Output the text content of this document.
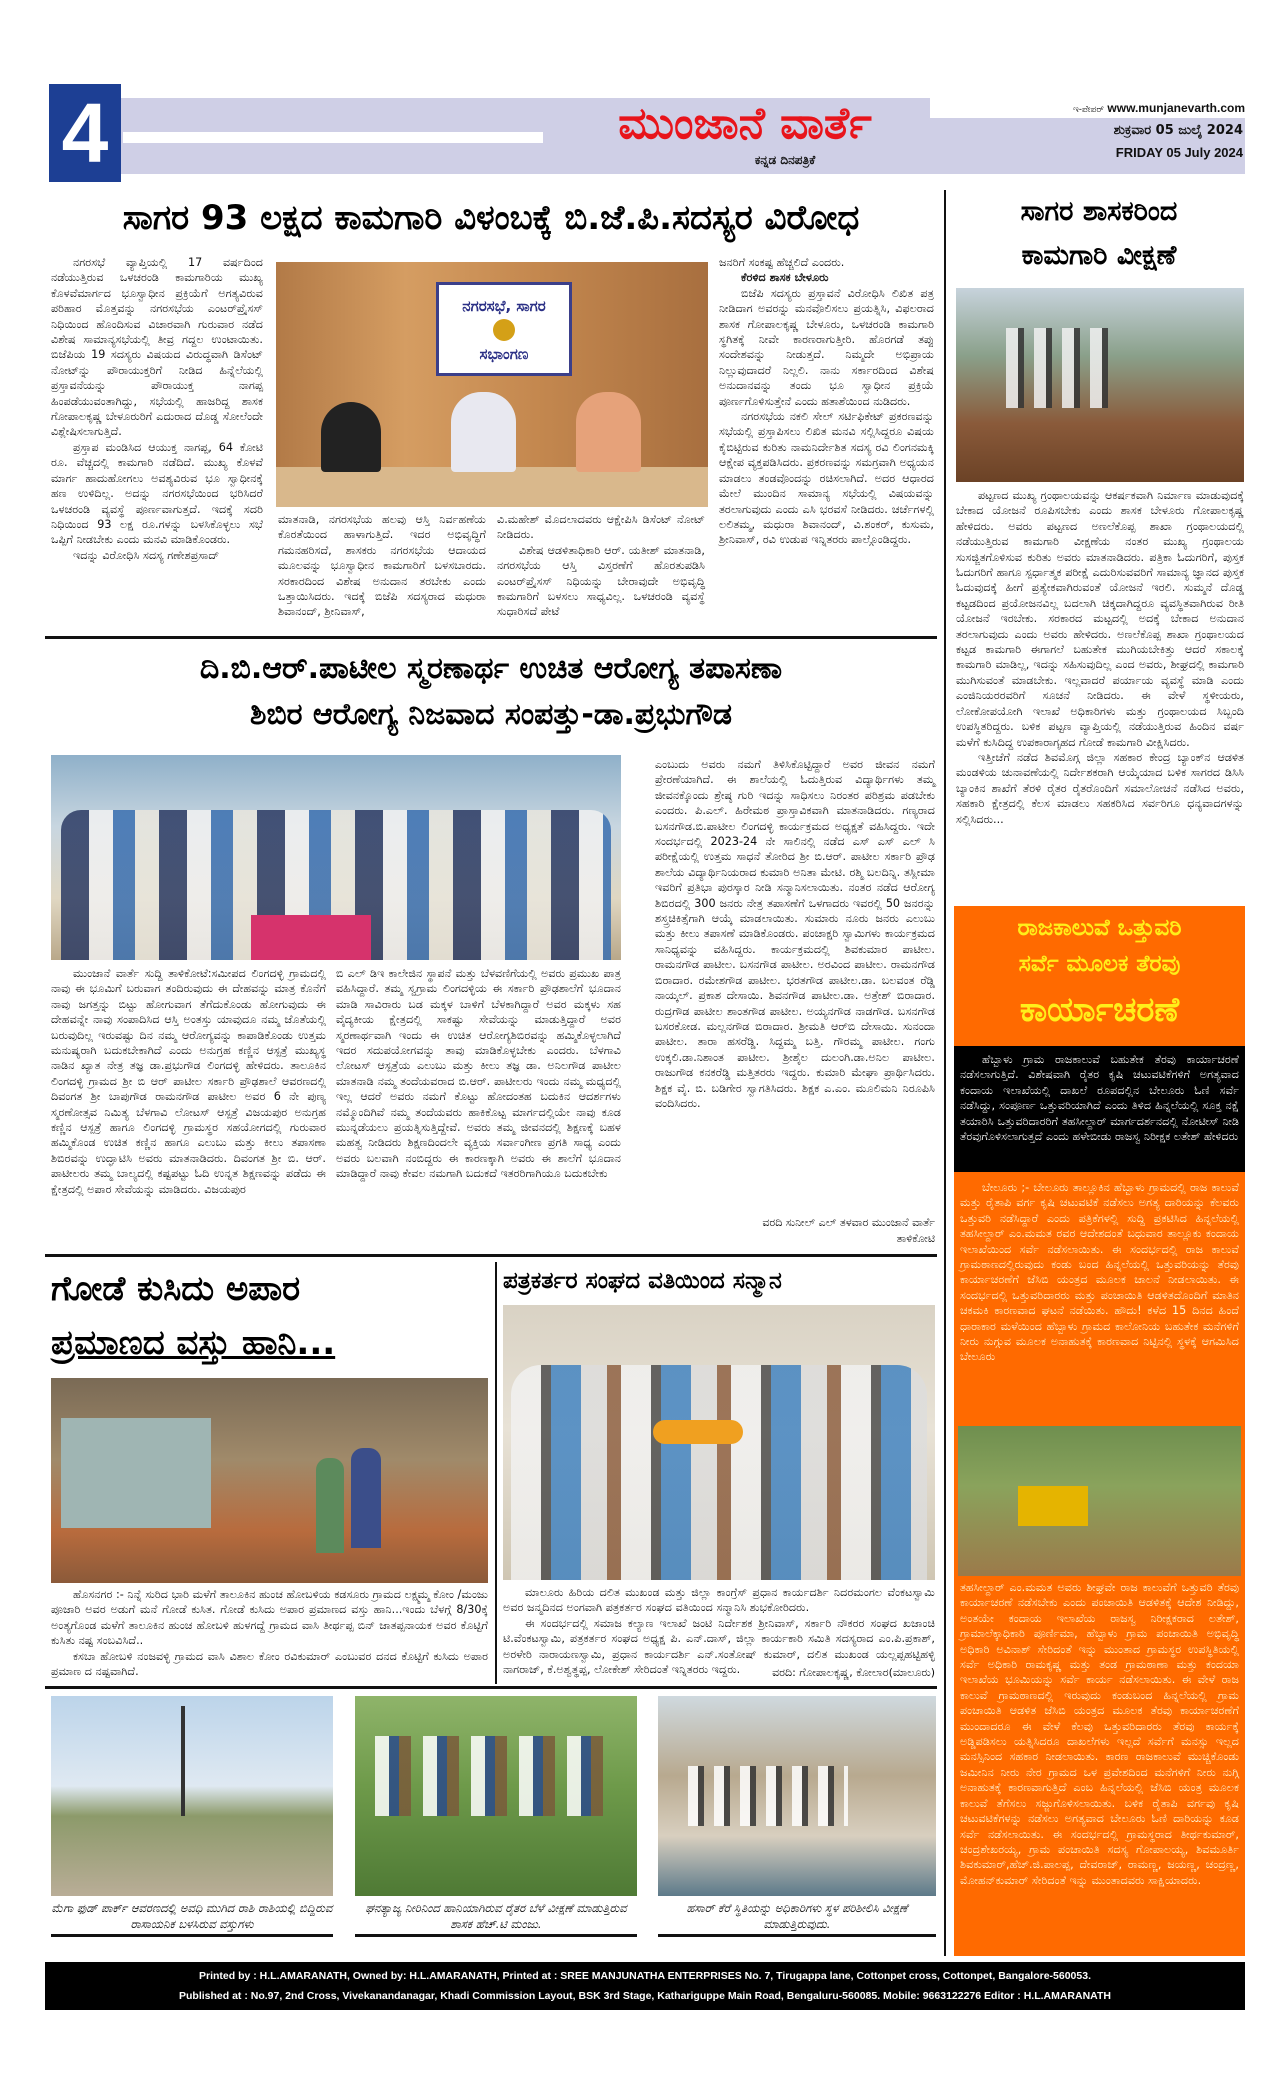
4	ಮುಂಜಾನೆ ವಾರ್ತೆ
ಕನ್ನಡ ದಿನಪತ್ರಿಕೆ
ಇ-ಪೇಪರ್ www.munjanevarth.com
ಶುಕ್ರವಾರ 05 ಜುಲೈ 2024
FRIDAY 05 July 2024
ಸಾಗರ 93 ಲಕ್ಷದ ಕಾಮಗಾರಿ ವಿಳಂಬಕ್ಕೆ ಬಿ.ಜೆ.ಪಿ.ಸದಸ್ಯರ ವಿರೋಧ

ನಗರಸಭೆ ವ್ಯಾಪ್ತಿಯಲ್ಲಿ 17 ವರ್ಷದಿಂದ ನಡೆಯುತ್ತಿರುವ ಒಳಚರಂಡಿ ಕಾಮಗಾರಿಯ ಮುಖ್ಯ ಕೊಳವೆಮಾರ್ಗದ ಭೂಸ್ವಾಧೀನ ಪ್ರಕ್ರಿಯೆಗೆ ಅಗತ್ಯವಿರುವ ಪರಿಹಾರ ಮೊತ್ತವನ್ನು ನಗರಸಭೆಯ ಎಂಟರ್‌ಪ್ರೈಸಸ್ ನಿಧಿಯಿಂದ ಹೊಂದಿಸುವ ವಿಚಾರವಾಗಿ ಗುರುವಾರ ನಡೆದ ವಿಶೇಷ ಸಾಮಾನ್ಯಸಭೆಯಲ್ಲಿ ತೀವ್ರ ಗದ್ದಲ ಉಂಟಾಯಿತು. ಬಿಜೆಪಿಯ 19 ಸದಸ್ಯರು ವಿಷಯದ ವಿರುದ್ಧವಾಗಿ ಡಿಸೆಂಟ್ ನೋಟ್‌ನ್ನು ಪೌರಾಯುಕ್ತರಿಗೆ ನೀಡಿದ ಹಿನ್ನೆಲೆಯಲ್ಲಿ ಪ್ರಸ್ತಾವನೆಯನ್ನು ಪೌರಾಯುಕ್ತ ನಾಗಪ್ಪ ಹಿಂಪಡೆಯುವಂತಾಗಿದ್ದು, ಸಭೆಯಲ್ಲಿ ಹಾಜರಿದ್ದ ಶಾಸಕ ಗೋಪಾಲಕೃಷ್ಣ ಬೇಳೂರುರಿಗೆ ಎದುರಾದ ದೊಡ್ಡ ಸೋಲೆಂದೇ ವಿಶ್ಲೇಷಿಸಲಾಗುತ್ತಿದೆ.

ಪ್ರಸ್ತಾಪ ಮಂಡಿಸಿದ ಆಯುಕ್ತ ನಾಗಪ್ಪ, 64 ಕೋಟಿ ರೂ. ವೆಚ್ಚದಲ್ಲಿ ಕಾಮಗಾರಿ ನಡೆದಿದೆ. ಮುಖ್ಯ ಕೊಳವೆ ಮಾರ್ಗ ಹಾದುಹೋಗಲು ಅವಶ್ಯವಿರುವ ಭೂ ಸ್ವಾಧೀನಕ್ಕೆ ಹಣ ಉಳಿದಿಲ್ಲ. ಅದನ್ನು ನಗರಸಭೆಯಿಂದ ಭರಿಸಿದರೆ ಒಳಚರಂಡಿ ವ್ಯವಸ್ಥೆ ಪೂರ್ಣವಾಗುತ್ತದೆ. ಇದಕ್ಕೆ ಸದರಿ ನಿಧಿಯಿಂದ 93 ಲಕ್ಷ ರೂ.ಗಳನ್ನು ಬಳಸಿಕೊಳ್ಳಲು ಸಭೆ ಒಪ್ಪಿಗೆ ನೀಡಬೇಕು ಎಂದು ಮನವಿ ಮಾಡಿಕೊಂಡರು.

ಇದನ್ನು ವಿರೋಧಿಸಿ ಸದಸ್ಯ ಗಣೇಶಪ್ರಸಾದ್

ನಗರಸಭೆ, ಸಾಗರ
ಸಭಾಂಗಣ

ಮಾತನಾಡಿ, ನಗರಸಭೆಯ ಹಲವು ಆಸ್ತಿ ನಿರ್ವಹಣೆಯ ಕೊರತೆಯಿಂದ ಹಾಳಾಗುತ್ತಿದೆ. ಇದರ ಅಭಿವೃದ್ಧಿಗೆ ಗಮನಹರಿಸದೆ, ಶಾಸಕರು ನಗರಸಭೆಯ ಆದಾಯದ ಮೂಲವನ್ನು ಭೂಸ್ವಾಧೀನ ಕಾಮಗಾರಿಗೆ ಬಳಸಬಾರದು. ಸರಕಾರದಿಂದ ವಿಶೇಷ ಅನುದಾನ ತರಬೇಕು ಎಂದು ಒತ್ತಾಯಿಸಿದರು. ಇದಕ್ಕೆ ಬಿಜೆಪಿ ಸದಸ್ಯರಾದ ಮಧುರಾ ಶಿವಾನಂದ್, ಶ್ರೀನಿವಾಸ್,

ವಿ.ಮಹೇಶ್ ಮೊದಲಾದವರು ಆಕ್ಷೇಪಿಸಿ ಡಿಸೆಂಟ್ ನೋಟ್ ನೀಡಿದರು.

ವಿಶೇಷ ಆಡಳಿತಾಧಿಕಾರಿ ಆರ್. ಯತೀಶ್ ಮಾತನಾಡಿ, ನಗರಸಭೆಯ ಆಸ್ತಿ ವಿಸ್ತರಣೆಗೆ ಹೊರತುಪಡಿಸಿ ಎಂಟರ್‌ಪ್ರೈಸಸ್ ನಿಧಿಯನ್ನು ಬೇರಾವುದೇ ಅಭಿವೃದ್ಧಿ ಕಾಮಗಾರಿಗೆ ಬಳಸಲು ಸಾಧ್ಯವಿಲ್ಲ. ಒಳಚರಂಡಿ ವ್ಯವಸ್ಥೆ ಸುಧಾರಿಸದೆ ಪೇಟೆ

ಜನರಿಗೆ ಸಂಕಷ್ಟ ಹೆಚ್ಚಲಿದೆ ಎಂದರು.

ಕೆರಳಿದ ಶಾಸಕ ಬೇಳೂರು

ಬಿಜೆಪಿ ಸದಸ್ಯರು ಪ್ರಸ್ತಾವನೆ ವಿರೋಧಿಸಿ ಲಿಖಿತ ಪತ್ರ ನೀಡಿದಾಗ ಅವರನ್ನು ಮನವೊಲಿಸಲು ಪ್ರಯತ್ನಿಸಿ, ವಿಫಲರಾದ ಶಾಸಕ ಗೋಪಾಲಕೃಷ್ಣ ಬೇಳೂರು, ಒಳಚರಂಡಿ ಕಾಮಗಾರಿ ಸ್ಥಗಿತಕ್ಕೆ ನೀವೇ ಕಾರಣರಾಗುತ್ತೀರಿ. ಹೊರಗಡೆ ತಪ್ಪು ಸಂದೇಶವನ್ನು ನೀಡುತ್ತದೆ. ನಿಮ್ಮದೇ ಅಭಿಪ್ರಾಯ ನಿಲ್ಲುವುದಾದರೆ ನಿಲ್ಲಲಿ. ನಾನು ಸರ್ಕಾರದಿಂದ ವಿಶೇಷ ಅನುದಾನವನ್ನು ತಂದು ಭೂ ಸ್ವಾಧೀನ ಪ್ರಕ್ರಿಯೆ ಪೂರ್ಣಗೊಳಿಸುತ್ತೇನೆ ಎಂದು ಹತಾಶೆಯಿಂದ ನುಡಿದರು.

ನಗರಸಭೆಯ ನಕಲಿ ಸೇಲ್ ಸರ್ಟಿಫಿಕೇಟ್ ಪ್ರಕರಣವನ್ನು ಸಭೆಯಲ್ಲಿ ಪ್ರಸ್ತಾಪಿಸಲು ಲಿಖಿತ ಮನವಿ ಸಲ್ಲಿಸಿದ್ದರೂ ವಿಷಯ ಕೈಬಿಟ್ಟಿರುವ ಕುರಿತು ನಾಮನಿರ್ದೇಶಿತ ಸದಸ್ಯ ರವಿ ಲಿಂಗನಮಕ್ಕಿ ಆಕ್ಷೇಪ ವ್ಯಕ್ತಪಡಿಸಿದರು. ಪ್ರಕರಣವನ್ನು ಸಮಗ್ರವಾಗಿ ಅಧ್ಯಯನ ಮಾಡಲು ತಂಡವೊಂದನ್ನು ರಚಿಸಲಾಗಿದೆ. ಅದರ ಆಧಾರದ ಮೇಲೆ ಮುಂದಿನ ಸಾಮಾನ್ಯ ಸಭೆಯಲ್ಲಿ ವಿಷಯವನ್ನು ತರಲಾಗುವುದು ಎಂದು ಎಸಿ ಭರವಸೆ ನೀಡಿದರು. ಚರ್ಚೆಗಳಲ್ಲಿ ಲಲಿತಮ್ಮ, ಮಧುರಾ ಶಿವಾನಂದ್, ವಿ.ಶಂಕರ್, ಕುಸುಮ, ಶ್ರೀನಿವಾಸ್, ರವಿ ಉಡುಪ ಇನ್ನಿತರರು ಪಾಲ್ಗೊಂಡಿದ್ದರು.

ದಿ.ಬಿ.ಆರ್.ಪಾಟೀಲ ಸ್ಮರಣಾರ್ಥ ಉಚಿತ ಆರೋಗ್ಯ ತಪಾಸಣಾ
ಶಿಬಿರ ಆರೋಗ್ಯ ನಿಜವಾದ ಸಂಪತ್ತು-ಡಾ.ಪ್ರಭುಗೌಡ

ಮುಂಜಾನೆ ವಾರ್ತೆ ಸುದ್ದಿ ತಾಳಿಕೋಟೆ:ಸಮೀಪದ ಲಿಂಗದಳ್ಳಿ ಗ್ರಾಮದಲ್ಲಿ ನಾವು ಈ ಭೂಮಿಗೆ ಬರುವಾಗ ತಂದಿರುವುದು ಈ ದೇಹವನ್ನು ಮಾತ್ರ ಕೊನೆಗೆ ನಾವು ಜಗತ್ತನ್ನು ಬಿಟ್ಟು ಹೋಗುವಾಗ ತೆಗೆದುಕೊಂಡು ಹೋಗುವುದು ಈ ದೇಹವನ್ನೇ ನಾವು ಸಂಪಾದಿಸಿದ ಆಸ್ತಿ ಅಂತಸ್ತು ಯಾವುದೂ ನಮ್ಮ ಜೊತೆಯಲ್ಲಿ ಬರುವುದಿಲ್ಲ ಇರುವಷ್ಟು ದಿನ ನಮ್ಮ ಆರೋಗ್ಯವನ್ನು ಕಾಪಾಡಿಕೊಂಡು ಉತ್ತಮ ಮನುಷ್ಯರಾಗಿ ಬದುಕಬೇಕಾಗಿದೆ ಎಂದು ಅನುಗ್ರಹ ಕಣ್ಣಿನ ಆಸ್ಪತ್ರೆ ಮುಖ್ಯಸ್ಥ ನಾಡಿನ ಖ್ಯಾತ ನೇತ್ರ ತಜ್ಞ ಡಾ.ಪ್ರಭುಗೌಡ ಲಿಂಗದಳ್ಳಿ ಹೇಳಿದರು. ತಾಲೂಕಿನ ಲಿಂಗದಳ್ಳಿ ಗ್ರಾಮದ ಶ್ರೀ ಬಿ ಆರ್ ಪಾಟೀಲ ಸರ್ಕಾರಿ ಪ್ರೌಢಶಾಲೆ ಆವರಣದಲ್ಲಿ ದಿವಂಗತ ಶ್ರೀ ಬಾಪುಗೌಡ ರಾಮನಗೌಡ ಪಾಟೀಲ ಅವರ 6 ನೇ ಪುಣ್ಯ ಸ್ಮರಣೋತ್ಸವ ನಿಮಿತ್ಯ ಬೆಳಗಾವಿ ಲೋಟಸ್ ಆಸ್ಪತ್ರೆ ವಿಜಯಪುರ ಅನುಗ್ರಹ ಕಣ್ಣಿನ ಆಸ್ಪತ್ರೆ ಹಾಗೂ ಲಿಂಗದಳ್ಳಿ ಗ್ರಾಮಸ್ಥರ ಸಹಯೋಗದಲ್ಲಿ ಗುರುವಾರ ಹಮ್ಮಿಕೊಂಡ ಉಚಿತ ಕಣ್ಣಿನ ಹಾಗೂ ಎಲುಬು ಮತ್ತು ಕೀಲು ತಪಾಸಣಾ ಶಿಬಿರವನ್ನು ಉದ್ಘಾಟಿಸಿ ಅವರು ಮಾತನಾಡಿದರು. ದಿವಂಗತ ಶ್ರೀ ಬಿ. ಆರ್. ಪಾಟೀಲರು ತಮ್ಮ ಬಾಲ್ಯದಲ್ಲಿ ಕಷ್ಟಪಟ್ಟು ಓದಿ ಉನ್ನತ ಶಿಕ್ಷಣವನ್ನು ಪಡೆದು ಈ ಕ್ಷೇತ್ರದಲ್ಲಿ ಅಪಾರ ಸೇವೆಯನ್ನು ಮಾಡಿದರು. ವಿಜಯಪುರ

ಬಿ ಎಲ್ ಡಿಇ ಕಾಲೇಜಿನ ಸ್ಥಾಪನೆ ಮತ್ತು ಬೆಳವಣಿಗೆಯಲ್ಲಿ ಅವರು ಪ್ರಮುಖ ಪಾತ್ರ ವಹಿಸಿದ್ದಾರೆ. ತಮ್ಮ ಸ್ವಗ್ರಾಮ ಲಿಂಗದಳ್ಳಿಯ ಈ ಸರ್ಕಾರಿ ಪ್ರೌಢಶಾಲೆಗೆ ಭೂದಾನ ಮಾಡಿ ಸಾವಿರಾರು ಬಡ ಮಕ್ಕಳ ಬಾಳಿಗೆ ಬೆಳಕಾಗಿದ್ದಾರೆ ಅವರ ಮಕ್ಕಳು ಸಹ ವೈದ್ಯಕೀಯ ಕ್ಷೇತ್ರದಲ್ಲಿ ಸಾಕಷ್ಟು ಸೇವೆಯನ್ನು ಮಾಡುತ್ತಿದ್ದಾರೆ ಅವರ ಸ್ಮರಣಾರ್ಥವಾಗಿ ಇಂದು ಈ ಉಚಿತ ಆರೋಗ್ಯಶಿಬಿರವನ್ನು ಹಮ್ಮಿಕೊಳ್ಳಲಾಗಿದೆ ಇದರ ಸದುಪಯೋಗವನ್ನು ತಾವು ಮಾಡಿಕೊಳ್ಳಬೇಕು ಎಂದರು. ಬೆಳಗಾವಿ ಲೋಟಸ್ ಆಸ್ಪತ್ರೆಯ ಎಲುಬು ಮತ್ತು ಕೀಲು ತಜ್ಞ ಡಾ. ಅನಿಲಗೌಡ ಪಾಟೀಲ ಮಾತನಾಡಿ ನಮ್ಮ ತಂದೆಯವರಾದ ಬಿ.ಆರ್. ಪಾಟೀಲರು ಇಂದು ನಮ್ಮ ಮಧ್ಯದಲ್ಲಿ ಇಲ್ಲ ಆದರೆ ಅವರು ನಮಗೆ ಕೊಟ್ಟು ಹೋದಂತಹ ಬದುಕಿನ ಆದರ್ಶಗಳು ನಮ್ಮೊಂದಿಗಿವೆ ನಮ್ಮ ತಂದೆಯವರು ಹಾಕಿಕೊಟ್ಟ ಮಾರ್ಗದಲ್ಲಿಯೇ ನಾವು ಕೂಡ ಮುನ್ನಡೆಯಲು ಪ್ರಯತ್ನಿಸುತ್ತಿದ್ದೇವೆ. ಅವರು ತಮ್ಮ ಜೀವನದಲ್ಲಿ ಶಿಕ್ಷಣಕ್ಕೆ ಬಹಳ ಮಹತ್ವ ನೀಡಿದರು ಶಿಕ್ಷಣದಿಂದಲೇ ವ್ಯಕ್ತಿಯ ಸರ್ವಾಂಗೀಣ ಪ್ರಗತಿ ಸಾಧ್ಯ ಎಂದು ಅವರು ಬಲವಾಗಿ ನಂಬಿದ್ದರು ಈ ಕಾರಣಕ್ಕಾಗಿ ಅವರು ಈ ಶಾಲೆಗೆ ಭೂದಾನ ಮಾಡಿದ್ದಾರೆ ನಾವು ಕೇವಲ ನಮಗಾಗಿ ಬದುಕದೆ ಇತರರಿಗಾಗಿಯೂ ಬದುಕಬೇಕು

ಎಂಬುದು ಅವರು ನಮಗೆ ತಿಳಿಸಿಕೊಟ್ಟಿದ್ದಾರೆ ಅವರ ಜೀವನ ನಮಗೆ ಪ್ರೇರಣೆಯಾಗಿದೆ. ಈ ಶಾಲೆಯಲ್ಲಿ ಓದುತ್ತಿರುವ ವಿದ್ಯಾರ್ಥಿಗಳು ತಮ್ಮ ಜೀವನಕ್ಕೊಂದು ಶ್ರೇಷ್ಠ ಗುರಿ ಇದನ್ನು ಸಾಧಿಸಲು ನಿರಂತರ ಪರಿಶ್ರಮ ಪಡಬೇಕು ಎಂದರು. ಪಿ.ಎಲ್. ಹಿರೇಮಠ ಪ್ರಾಸ್ತಾವಿಕವಾಗಿ ಮಾತನಾಡಿದರು. ಗಣ್ಯರಾದ ಬಸನಗೌಡ.ಬಿ.ಪಾಟೀಲ ಲಿಂಗದಳ್ಳಿ ಕಾರ್ಯಕ್ರಮದ ಅಧ್ಯಕ್ಷತೆ ವಹಿಸಿದ್ದರು. ಇದೇ ಸಂದರ್ಭದಲ್ಲಿ 2023-24 ನೇ ಸಾಲಿನಲ್ಲಿ ನಡೆದ ಎಸ್ ಎಸ್ ಎಲ್ ಸಿ ಪರೀಕ್ಷೆಯಲ್ಲಿ ಉತ್ತಮ ಸಾಧನೆ ತೋರಿದ ಶ್ರೀ ಬಿ.ಆರ್. ಪಾಟೀಲ ಸರ್ಕಾರಿ ಪ್ರೌಢ ಶಾಲೆಯ ವಿದ್ಯಾರ್ಥಿನಿಯರಾದ ಕುಮಾರಿ ಅನಿತಾ ಮೇಟಿ. ರಶ್ಮಿ ಬಲದಿನ್ನಿ. ತಸ್ಲೀಮಾ ಇವರಿಗೆ ಪ್ರತಿಭಾ ಪುರಸ್ಕಾರ ನೀಡಿ ಸನ್ಮಾನಿಸಲಾಯಿತು. ನಂತರ ನಡೆದ ಆರೋಗ್ಯ ಶಿಬಿರದಲ್ಲಿ 300 ಜನರು ನೇತ್ರ ತಪಾಸಣೆಗೆ ಒಳಗಾದರು ಇವರಲ್ಲಿ 50 ಜನರನ್ನು ಶಸ್ತ್ರಚಿಕಿತ್ಸೆಗಾಗಿ ಆಯ್ಕೆ ಮಾಡಲಾಯಿತು. ಸುಮಾರು ನೂರು ಜನರು ಎಲುಬು ಮತ್ತು ಕೀಲು ತಪಾಸಣೆ ಮಾಡಿಕೊಂಡರು. ಪಂಚಾಕ್ಷರಿ ಸ್ವಾಮಿಗಳು ಕಾರ್ಯಕ್ರಮದ ಸಾನಿಧ್ಯವನ್ನು ವಹಿಸಿದ್ದರು. ಕಾರ್ಯಕ್ರಮದಲ್ಲಿ ಶಿವಕುಮಾರ ಪಾಟೀಲ. ರಾಮನಗೌಡ ಪಾಟೀಲ. ಬಸನಗೌಡ ಪಾಟೀಲ. ಅರವಿಂದ ಪಾಟೀಲ. ರಾಮನಗೌಡ ಬಿರಾದಾರ. ರಮೇಶಗೌಡ ಪಾಟೀಲ. ಭರತಗೌಡ ಪಾಟೀಲ.ಡಾ. ಬಲವಂತ ರೆಡ್ಡಿ ನಾಯ್ಕಲ್. ಪ್ರಕಾಶ ದೇಸಾಯಿ. ಶಿವನಗೌಡ ಪಾಟೀಲ.ಡಾ. ಅತ್ರೇಶ್ ಬಿರಾದಾರ. ರುದ್ರಗೌಡ ಪಾಟೀಲ ಶಾಂತಗೌಡ ಪಾಟೀಲ. ಅಯ್ಯನಗೌಡ ನಾಡಗೌಡ. ಬಸನಗೌಡ ಬಸರಕೋಡ. ಮಲ್ಲನಗೌಡ ಬಿರಾದಾರ. ಶ್ರೀಮತಿ ಆರ್‌ಬಿ ದೇಸಾಯಿ. ಸುನಂದಾ ಪಾಟೀಲ. ತಾರಾ ಹಸರೆಡ್ಡಿ. ಸಿದ್ದಮ್ಮ ಬತ್ತಿ. ಗೌರಮ್ಮ ಪಾಟೀಲ. ಗಂಗು ಉಕ್ಕಲಿ.ಡಾ.ನಿಶಾಂತ ಪಾಟೀಲ. ಶ್ರೀಶೈಲ ದುಲಂಗಿ.ಡಾ.ಅನಿಲ ಪಾಟೀಲ. ರಾಜುಗೌಡ ಕನಕರೆಡ್ಡಿ ಮತ್ತಿತರರು ಇದ್ದರು. ಕುಮಾರಿ ಮೇಘಾ ಪ್ರಾರ್ಥಿಸಿದರು. ಶಿಕ್ಷಕ ವೈ. ಬಿ. ಬಡಿಗೇರ ಸ್ವಾಗತಿಸಿದರು. ಶಿಕ್ಷಕ ಎ.ಎಂ. ಮೂಲಿಮನಿ ನಿರೂಪಿಸಿ ವಂದಿಸಿದರು.

ವರದಿ ಸುನೀಲ್ ಎಲ್ ತಳವಾರ ಮುಂಜಾನೆ ವಾರ್ತೆ
ತಾಳಿಕೋಟಿ
ಗೋಡೆ ಕುಸಿದು ಅಪಾರ
ಪ್ರಮಾಣದ ವಸ್ತು ಹಾನಿ...

ಹೊಸನಗರ :- ನಿನ್ನೆ ಸುರಿದ ಭಾರಿ ಮಳೆಗೆ ತಾಲೂಕಿನ ಹುಂಚ ಹೋಬಳಿಯ ಕಡಸೂರು ಗ್ರಾಮದ ಲಕ್ಷ್ಮಮ್ಮ ಕೋಂ /ಮಂಜು ಪೂಜಾರಿ ಅವರ ಅಡುಗೆ ಮನೆ ಗೋಡೆ ಕುಸಿತ. ಗೋಡೆ ಕುಸಿದು ಅಪಾರ ಪ್ರಮಾಣದ ವಸ್ತು ಹಾನಿ...ಇಂದು ಬೆಳಗ್ಗೆ 8/30ಕ್ಕೆ ಅಂತ್ಯಗೊಂಡ ಮಳೆಗೆ ತಾಲೂಕಿನ ಹುಂಚ ಹೋಬಳಿ ಹುಳಗದ್ದೆ ಗ್ರಾಮದ ವಾಸಿ ತೀರ್ಥಪ್ಪ ಬಿನ್ ಜಾತಪ್ಪನಾಯಕ ಅವರ ಕೊಟ್ಟಿಗೆ ಕುಸಿತು ನಷ್ಟ ಸಂಬವಿಸಿದೆ..

ಕಸಬಾ ಹೋಬಳಿ ನಂಜವಳ್ಳಿ ಗ್ರಾಮದ ವಾಸಿ ವಿಶಾಲ ಕೋಂ ರವಿಕುಮಾರ್ ಎಂಬುವರ ದನದ ಕೊಟ್ಟಿಗೆ ಕುಸಿದು ಅಪಾರ ಪ್ರಮಾಣ ದ ನಷ್ಟವಾಗಿದೆ.

ಪತ್ರಕರ್ತರ ಸಂಘದ ವತಿಯಿಂದ ಸನ್ಮಾನ

ಮಾಲೂರು ಹಿರಿಯ ದಲಿತ ಮುಖಂಡ ಮತ್ತು ಜಿಲ್ಲಾ ಕಾಂಗ್ರೆಸ್ ಪ್ರಧಾನ ಕಾರ್ಯದರ್ಶಿ ನಿದರಮಂಗಲ ವೆಂಕಟಸ್ವಾಮಿ ಅವರ ಜನ್ಮದಿನದ ಅಂಗವಾಗಿ ಪತ್ರಕರ್ತರ ಸಂಘದ ವತಿಯಿಂದ ಸನ್ಮಾನಿಸಿ ಶುಭಕೋರಿದರು.

ಈ ಸಂದರ್ಭದಲ್ಲಿ ಸಮಾಜ ಕಲ್ಯಾಣ ಇಲಾಖೆ ಜಂಟಿ ನಿರ್ದೇಶಕ ಶ್ರೀನಿವಾಸ್, ಸರ್ಕಾರಿ ನೌಕರರ ಸಂಘದ ಖಜಾಂಚಿ ಟಿ.ವೆಂಕಟಸ್ವಾಮಿ, ಪತ್ರಕರ್ತರ ಸಂಘದ ಅಧ್ಯಕ್ಷ ಪಿ. ಎನ್.ದಾಸ್, ಜಿಲ್ಲಾ ಕಾರ್ಯಕಾರಿ ಸಮಿತಿ ಸದಸ್ಯರಾದ ಎಂ.ಪಿ.ಪ್ರಕಾಶ್, ಅರಳೇರಿ ನಾರಾಯಣಸ್ವಾಮಿ, ಪ್ರಧಾನ ಕಾರ್ಯದರ್ಶಿ ಎನ್.ಸಂತೋಷ್ ಕುಮಾರ್, ದಲಿತ ಮುಖಂಡ ಯಲ್ಲಪ್ಪಹಟ್ಟಿಹಳ್ಳಿ ನಾಗರಾಜ್, ಕೆ.ಅಶ್ವತ್ಥಪ್ಪ, ಲೋಕೇಶ್ ಸೇರಿದಂತೆ ಇನ್ನಿತರರು ಇದ್ದರು.	ವರದಿ: ಗೋಪಾಲಕೃಷ್ಣ, ಕೋಲಾರ(ಮಾಲೂರು)
ಮೆಗಾ ಫುಡ್ ಪಾರ್ಕ್ ಆವರಣದಲ್ಲಿ ಅವಧಿ ಮುಗಿದ ರಾಶಿ ರಾಶಿಯಲ್ಲಿ ಬಿದ್ದಿರುವ ರಾಸಾಯನಿಕ ಬಳಸಿರುವ ವಸ್ತುಗಳು
ಘನತ್ಯಾಜ್ಯ ನೀರಿನಿಂದ ಹಾನಿಯಾಗಿರುವ ರೈತರ ಬೆಳೆ ವೀಕ್ಷಣೆ ಮಾಡುತ್ತಿರುವ ಶಾಸಕ ಹೆಚ್.ಟಿ ಮಂಜು.
ಹಸಾರ್ ಕೆರೆ ಸ್ಥಿತಿಯನ್ನು ಅಧಿಕಾರಿಗಳು ಸ್ಥಳ ಪರಿಶೀಲಿಸಿ ವೀಕ್ಷಣೆ ಮಾಡುತ್ತಿರುವುದು.
ಸಾಗರ ಶಾಸಕರಿಂದ
ಕಾಮಗಾರಿ ವೀಕ್ಷಣೆ

ಪಟ್ಟಣದ ಮುಖ್ಯ ಗ್ರಂಥಾಲಯವನ್ನು ಆಕರ್ಷಕವಾಗಿ ನಿರ್ಮಾಣ ಮಾಡುವುದಕ್ಕೆ ಬೇಕಾದ ಯೋಜನೆ ರೂಪಿಸಬೇಕು ಎಂದು ಶಾಸಕ ಬೇಳೂರು ಗೋಪಾಲಕೃಷ್ಣ ಹೇಳಿದರು. ಅವರು ಪಟ್ಟಣದ ಅಣಲೆಕೊಪ್ಪ ಶಾಖಾ ಗ್ರಂಥಾಲಯದಲ್ಲಿ ನಡೆಯುತ್ತಿರುವ ಕಾಮಗಾರಿ ವೀಕ್ಷಣೆಯ ನಂತರ ಮುಖ್ಯ ಗ್ರಂಥಾಲಯ ಸುಸಜ್ಜಿತಗೊಳಿಸುವ ಕುರಿತು ಅವರು ಮಾತನಾಡಿದರು. ಪತ್ರಿಕಾ ಓದುಗರಿಗೆ, ಪುಸ್ತಕ ಓದುಗರಿಗೆ ಹಾಗೂ ಸ್ಪರ್ಧಾತ್ಮಕ ಪರೀಕ್ಷೆ ಎದುರಿಸುವವರಿಗೆ ಸಾಮಾನ್ಯ ಜ್ಞಾನದ ಪುಸ್ತಕ ಓದುವುದಕ್ಕೆ ಹೀಗೆ ಪ್ರತ್ಯೇಕವಾಗಿರುವಂತೆ ಯೋಜನೆ ಇರಲಿ. ಸುಮ್ಮನೆ ದೊಡ್ಡ ಕಟ್ಟಡದಿಂದ ಪ್ರಯೋಜನವಿಲ್ಲ ಬದಲಾಗಿ ಚಿಕ್ಕದಾಗಿದ್ದರೂ ವ್ಯವಸ್ಥಿತವಾಗಿರುವ ರೀತಿ ಯೋಜನೆ ಇರಬೇಕು. ಸರಕಾರದ ಮಟ್ಟದಲ್ಲಿ ಅದಕ್ಕೆ ಬೇಕಾದ ಅನುದಾನ ತರಲಾಗುವುದು ಎಂದು ಅವರು ಹೇಳಿದರು. ಅಣಲೆಕೊಪ್ಪ ಶಾಖಾ ಗ್ರಂಥಾಲಯದ ಕಟ್ಟಡ ಕಾಮಗಾರಿ ಈಗಾಗಲೆ ಬಹುತೇಕ ಮುಗಿಯಬೇಕಿತ್ತು ಆದರೆ ಸಕಾಲಕ್ಕೆ ಕಾಮಗಾರಿ ಮಾಡಿಲ್ಲ, ಇದನ್ನು ಸಹಿಸುವುದಿಲ್ಲ ಎಂದ ಅವರು, ಶೀಘ್ರದಲ್ಲಿ ಕಾಮಗಾರಿ ಮುಗಿಸುವಂತೆ ಮಾಡಬೇಕು. ಇಲ್ಲವಾದರೆ ಪರ್ಯಾಯ ವ್ಯವಸ್ಥೆ ಮಾಡಿ ಎಂದು ಎಂಜಿನಿಯರರವರಿಗೆ ಸೂಚನೆ ನೀಡಿದರು. ಈ ವೇಳೆ ಸ್ಥಳೀಯರು, ಲೋಕೋಪಯೋಗಿ ಇಲಾಖೆ ಅಧಿಕಾರಿಗಳು ಮತ್ತು ಗ್ರಂಥಾಲಯದ ಸಿಬ್ಬಂದಿ ಉಪಸ್ಥಿತರಿದ್ದರು. ಬಳಿಕ ಪಟ್ಟಣ ವ್ಯಾಪ್ತಿಯಲ್ಲಿ ನಡೆಯುತ್ತಿರುವ ಹಿಂದಿನ ವರ್ಷ ಮಳೆಗೆ ಕುಸಿದಿದ್ದ ಉಪಕಾರಾಗೃಹದ ಗೋಡೆ ಕಾಮಗಾರಿ ವೀಕ್ಷಿಸಿದರು.

ಇತ್ತೀಚೆಗೆ ನಡೆದ ಶಿವಮೊಗ್ಗ ಜಿಲ್ಲಾ ಸಹಕಾರ ಕೇಂದ್ರ ಬ್ಯಾಂಕ್‌ನ ಆಡಳಿತ ಮಂಡಳಿಯ ಚುನಾವಣೆಯಲ್ಲಿ ನಿರ್ದೇಶಕರಾಗಿ ಆಯ್ಕೆಯಾದ ಬಳಿಕ ಸಾಗರದ ಡಿಸಿಸಿ ಬ್ಯಾಂಕಿನ ಶಾಖೆಗೆ ತೆರಳಿ ರೈತರ ರೈತರೊಂದಿಗೆ ಸಮಾಲೋಚನೆ ನಡೆಸಿದ ಅವರು, ಸಹಕಾರಿ ಕ್ಷೇತ್ರದಲ್ಲಿ ಕೆಲಸ ಮಾಡಲು ಸಹಕರಿಸಿದ ಸರ್ವರಿಗೂ ಧನ್ಯವಾದಗಳನ್ನು ಸಲ್ಲಿಸಿದರು...

ರಾಜಕಾಲುವೆ ಒತ್ತುವರಿ
ಸರ್ವೆ ಮೂಲಕ ತೆರವು
ಕಾರ್ಯಾಚರಣೆ

ಹೆಬ್ಬಾಳು ಗ್ರಾಮ ರಾಜಕಾಲುವೆ ಬಹುತೇಕ ತೆರವು ಕಾರ್ಯಾಚರಣೆ ನಡೆಸಲಾಗುತ್ತಿದೆ. ವಿಶೇಷವಾಗಿ ರೈತರ ಕೃಷಿ ಚಟುವಟಿಕೆಗಳಿಗೆ ಅಗತ್ಯವಾದ ಕಂದಾಯ ಇಲಾಖೆಯಲ್ಲಿ ದಾಖಲೆ ರೂಪದಲ್ಲಿನ ಬೇಲೂರು ಓಣಿ ಸರ್ವೆ ನಡೆಸಿದ್ದು, ಸಂಪೂರ್ಣ ಒತ್ತುವರಿಯಾಗಿದೆ ಎಂದು ತಿಳಿದ ಹಿನ್ನಲೆಯಲ್ಲಿ ಸೂಕ್ತ ನಕ್ಷೆ ತಯಾರಿಸಿ ಒತ್ತುವರಿದಾರರಿಗೆ ತಹಸೀಲ್ದಾರ್ ಮಾರ್ಗದರ್ಶನದಲ್ಲಿ ನೋಟೀಸ್ ನೀಡಿ ತೆರವುಗೊಳಿಸಲಾಗುತ್ತದೆ ಎಂದು ಹಳೇಬೀಡು ರಾಜಸ್ವ ನಿರೀಕ್ಷಕ ಲತೇಶ್ ಹೇಳಿದರು

ಬೇಲೂರು ;- ಬೇಲೂರು ತಾಲ್ಲೂಕಿನ ಹೆಬ್ಬಾಳು ಗ್ರಾಮದಲ್ಲಿ ರಾಜ ಕಾಲುವೆ ಮತ್ತು ರೈತಾಪಿ ವರ್ಗ ಕೃಷಿ ಚಟುವಟಿಕೆ ನಡೆಸಲು ಅಗತ್ಯ ದಾರಿಯನ್ನು ಕೆಲವರು ಒತ್ತುವರಿ ನಡೆಸಿದ್ದಾರೆ ಎಂದು ಪತ್ರಿಕೆಗಳಲ್ಲಿ ಸುದ್ದಿ ಪ್ರಕಟಿಸಿದ ಹಿನ್ನಲೆಯಲ್ಲಿ ತಹಸೀಲ್ದಾರ್ ಎಂ.ಮಮತ ರವರ ಆದೇಶದಂತೆ ಬಧುವಾರ ತಾಲ್ಲೂಕು ಕಂದಾಯ ಇಲಾಖೆಯಿಂದ ಸರ್ವೆ ನಡೆಸಲಾಯಿತು. ಈ ಸಂದರ್ಭದಲ್ಲಿ ರಾಜ ಕಾಲುವೆ ಗ್ರಾಮಠಾಣದಲ್ಲಿರುವುದು ಕಂಡು ಬಂದ ಹಿನ್ನಲೆಯಲ್ಲಿ ಒತ್ತುವರಿಯನ್ನು ತೆರವು ಕಾರ್ಯಾಚರಣೆಗೆ ಜೆಸಿಬಿ ಯಂತ್ರದ ಮೂಲಕ ಚಾಲನೆ ನೀಡಲಾಯಿತು. ಈ ಸಂದರ್ಭದಲ್ಲಿ ಒತ್ತುವರಿದಾರರು ಮತ್ತು ಪಂಚಾಯಿತಿ ಆಡಳಿತದೊಂದಿಗೆ ಮಾತಿನ ಚಕಮಕಿ ಕಾರಣವಾದ ಘಟನೆ ನಡೆಯಿತು. ಹೌದು! ಕಳೆದ 15 ದಿನದ ಹಿಂದೆ ಧಾರಾಕಾರ ಮಳೆಯಿಂದ ಹೆಬ್ಬಾಳು ಗ್ರಾಮದ ಕಾಲೋನಿಯ ಬಹುತೇಕ ಮನೆಗಳಿಗೆ ನೀರು ನುಗ್ಗುವ ಮೂಲಕ ಅನಾಹುತಕ್ಕೆ ಕಾರಣವಾದ ನಿಟ್ಟಿನಲ್ಲಿ ಸ್ಥಳಕ್ಕೆ ಆಗಮಿಸಿದ ಬೇಲೂರು

ತಹಸೀಲ್ದಾರ್ ಎಂ.ಮಮತ ಅವರು ಶೀಘ್ರವೇ ರಾಜ ಕಾಲುವೆಗೆ ಒತ್ತುವರಿ ತೆರವು ಕಾರ್ಯಾಚರಣೆ ನಡೆಸಬೇಕು ಎಂದು ಪಂಚಾಯಿತಿ ಆಡಳಿತಕ್ಕೆ ಆದೇಶ ನೀಡಿದ್ದು, ಅಂತಯೇ ಕಂದಾಯ ಇಲಾಖೆಯ ರಾಜಸ್ವ ನಿರೀಕ್ಷಕರಾದ ಲತೇಶ್, ಗ್ರಾಮಾಲೆಕ್ಕಾಧಿಕಾರಿ ಪೂರ್ಣಿಮಾ, ಹೆಬ್ಬಾಳು ಗ್ರಾಮ ಪಂಚಾಯಿತಿ ಅಭಿವೃದ್ಧಿ ಅಧಿಕಾರಿ ಅವಿನಾಶ್ ಸೇರಿದಂತೆ ಇನ್ನು ಮುಂತಾದ ಗ್ರಾಮಸ್ಥರ ಉಪಸ್ಥಿತಿಯಲ್ಲಿ ಸರ್ವೆ ಅಧಿಕಾರಿ ರಾಮಕೃಷ್ಣ ಮತ್ತು ತಂಡ ಗ್ರಾಮಠಾಣಾ ಮತ್ತು ಕಂದಯಾ ಇಲಾಖೆಯ ಭೂಮಿಯನ್ನು ಸರ್ವೆ ಕಾರ್ಯ ನಡೆಸಲಾಯಿತು. ಈ ವೇಳೆ ರಾಜ ಕಾಲುವೆ ಗ್ರಾಮಠಾಣದಲ್ಲಿ ಇರುವುದು ಕಂಡುಬಂದ ಹಿನ್ನಲೆಯಲ್ಲಿ ಗ್ರಾಮ ಪಂಚಾಯಿತಿ ಆಡಳಿತ ಜೆಸಿಬಿ ಯಂತ್ರದ ಮೂಲಕ ತೆರವು ಕಾರ್ಯಾಚರಣೆಗೆ ಮುಂದಾದರೂ ಈ ವೇಳೆ ಕೆಲವು ಒತ್ತುವರಿದಾರರು ತೆರವು ಕಾರ್ಯಕ್ಕೆ ಅಡ್ಡಿಪಡಿಸಲು ಯತ್ನಿಸಿದರೂ ದಾಖಲೆಗಳು ಇಲ್ಲದೆ ಸರ್ವೆಗೆ ಮನಸ್ಸು ಇಲ್ಲದ ಮನಸ್ಸಿನಿಂದ ಸಹಕಾರ ನೀಡಲಾಯಿತು. ಕಾರಣ ರಾಜಕಾಲುವೆ ಮುಚ್ಚಿಕೊಂಡು ಜಮೀನಿನ ನೀರು ನೇರ ಗ್ರಾಮದ ಒಳ ಪ್ರವೇಶದಿಂದ ಮನೆಗಳಿಗೆ ನೀರು ನುಗ್ಗಿ ಅನಾಹುತಕ್ಕೆ ಕಾರಣವಾಗುತ್ತಿದೆ ಎಂಬ ಹಿನ್ನಲೆಯಲ್ಲಿ ಜೆಸಿಬಿ ಯಂತ್ರ ಮೂಲಕ ಕಾಲುವೆ ತೆಗೆಸಲು ಸಜ್ಜುಗೊಳಿಸಲಾಯಿತು. ಬಳಿಕ ರೈತಾಪಿ ವರ್ಗವು ಕೃಷಿ ಚಟುವಟಿಕೆಗಳನ್ನು ನಡೆಸಲು ಅಗತ್ಯವಾದ ಬೇಲೂರು ಓಣಿ ದಾರಿಯನ್ನು ಕೂಡ ಸರ್ವೆ ನಡೆಸಲಾಯಿತು. ಈ ಸಂದರ್ಭದಲ್ಲಿ ಗ್ರಾಮಸ್ಥರಾದ ತೀರ್ಥಕುಮಾರ್, ಚಂದ್ರಶೇಖರಯ್ಯ, ಗ್ರಾಮ ಪಂಚಾಯಿತಿ ಸದಸ್ಯ ಗೋಪಾಲಯ್ಯ, ಶಿವಮೂರ್ತಿ ಶಿವಕುಮಾರ್,ಹೆಚ್.ಜಿ.ಪಾಲಪ್ಪ, ದೇವರಾಜ್, ರಾಮಣ್ಣ, ಜಯಣ್ಣ, ಚಂದ್ರಣ್ಣ, ಮೋಹನ್‌ಕುಮಾರ್ ಸೇರಿದಂತೆ ಇನ್ನು ಮುಂತಾದವರು ಸಾಕ್ಷಿಯಾದರು.

Printed by : H.L.AMARANATH, Owned by: H.L.AMARANATH, Printed at : SREE MANJUNATHA ENTERPRISES No. 7, Tirugappa lane, Cottonpet cross, Cottonpet, Bangalore-560053.
Published at : No.97, 2nd Cross, Vivekanandanagar, Khadi Commission Layout, BSK 3rd Stage, Kathariguppe Main Road, Bengaluru-560085. Mobile: 9663122276 Editor : H.L.AMARANATH
